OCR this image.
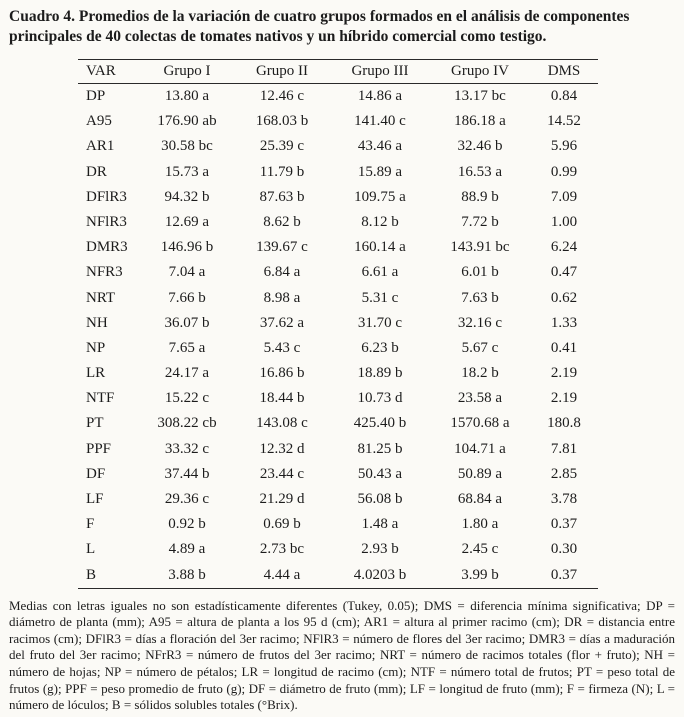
Cuadro 4. Promedios de la variación de cuatro grupos formados en el análisis de componentes principales de 40 colectas de tomates nativos y un híbrido comercial como testigo.

VAR	Grupo I	Grupo II	Grupo III	Grupo IV	DMS
DP	13.80 a	12.46 c	14.86 a	13.17 bc	0.84
A95	176.90 ab	168.03 b	141.40 c	186.18 a	14.52
AR1	30.58 bc	25.39 c	43.46 a	32.46 b	5.96
DR	15.73 a	11.79 b	15.89 a	16.53 a	0.99
DFlR3	94.32 b	87.63 b	109.75 a	88.9 b	7.09
NFlR3	12.69 a	8.62 b	8.12 b	7.72 b	1.00
DMR3	146.96 b	139.67 c	160.14 a	143.91 bc	6.24
NFR3	7.04 a	6.84 a	6.61 a	6.01 b	0.47
NRT	7.66 b	8.98 a	5.31 c	7.63 b	0.62
NH	36.07 b	37.62 a	31.70 c	32.16 c	1.33
NP	7.65 a	5.43 c	6.23 b	5.67 c	0.41
LR	24.17 a	16.86 b	18.89 b	18.2 b	2.19
NTF	15.22 c	18.44 b	10.73 d	23.58 a	2.19
PT	308.22 cb	143.08 c	425.40 b	1570.68 a	180.8
PPF	33.32 c	12.32 d	81.25 b	104.71 a	7.81
DF	37.44 b	23.44 c	50.43 a	50.89 a	2.85
LF	29.36 c	21.29 d	56.08 b	68.84 a	3.78
F	0.92 b	0.69 b	1.48 a	1.80 a	0.37
L	4.89 a	2.73 bc	2.93 b	2.45 c	0.30
B	3.88 b	4.44 a	4.0203 b	3.99 b	0.37

Medias con letras iguales no son estadísticamente diferentes (Tukey, 0.05); DMS = diferencia mínima significativa; DP = diámetro de planta (mm); A95 = altura de planta a los 95 d (cm); AR1 = altura al primer racimo (cm); DR = distancia entre racimos (cm); DFlR3 = días a floración del 3er racimo; NFlR3 = número de flores del 3er racimo; DMR3 = días a maduración del fruto del 3er racimo; NFrR3 = número de frutos del 3er racimo; NRT = número de racimos totales (flor + fruto); NH = número de hojas; NP = número de pétalos; LR = longitud de racimo (cm); NTF = número total de frutos; PT = peso total de frutos (g); PPF = peso promedio de fruto (g); DF = diámetro de fruto (mm); LF = longitud de fruto (mm); F = firmeza (N); L = número de lóculos; B = sólidos solubles totales (°Brix).
